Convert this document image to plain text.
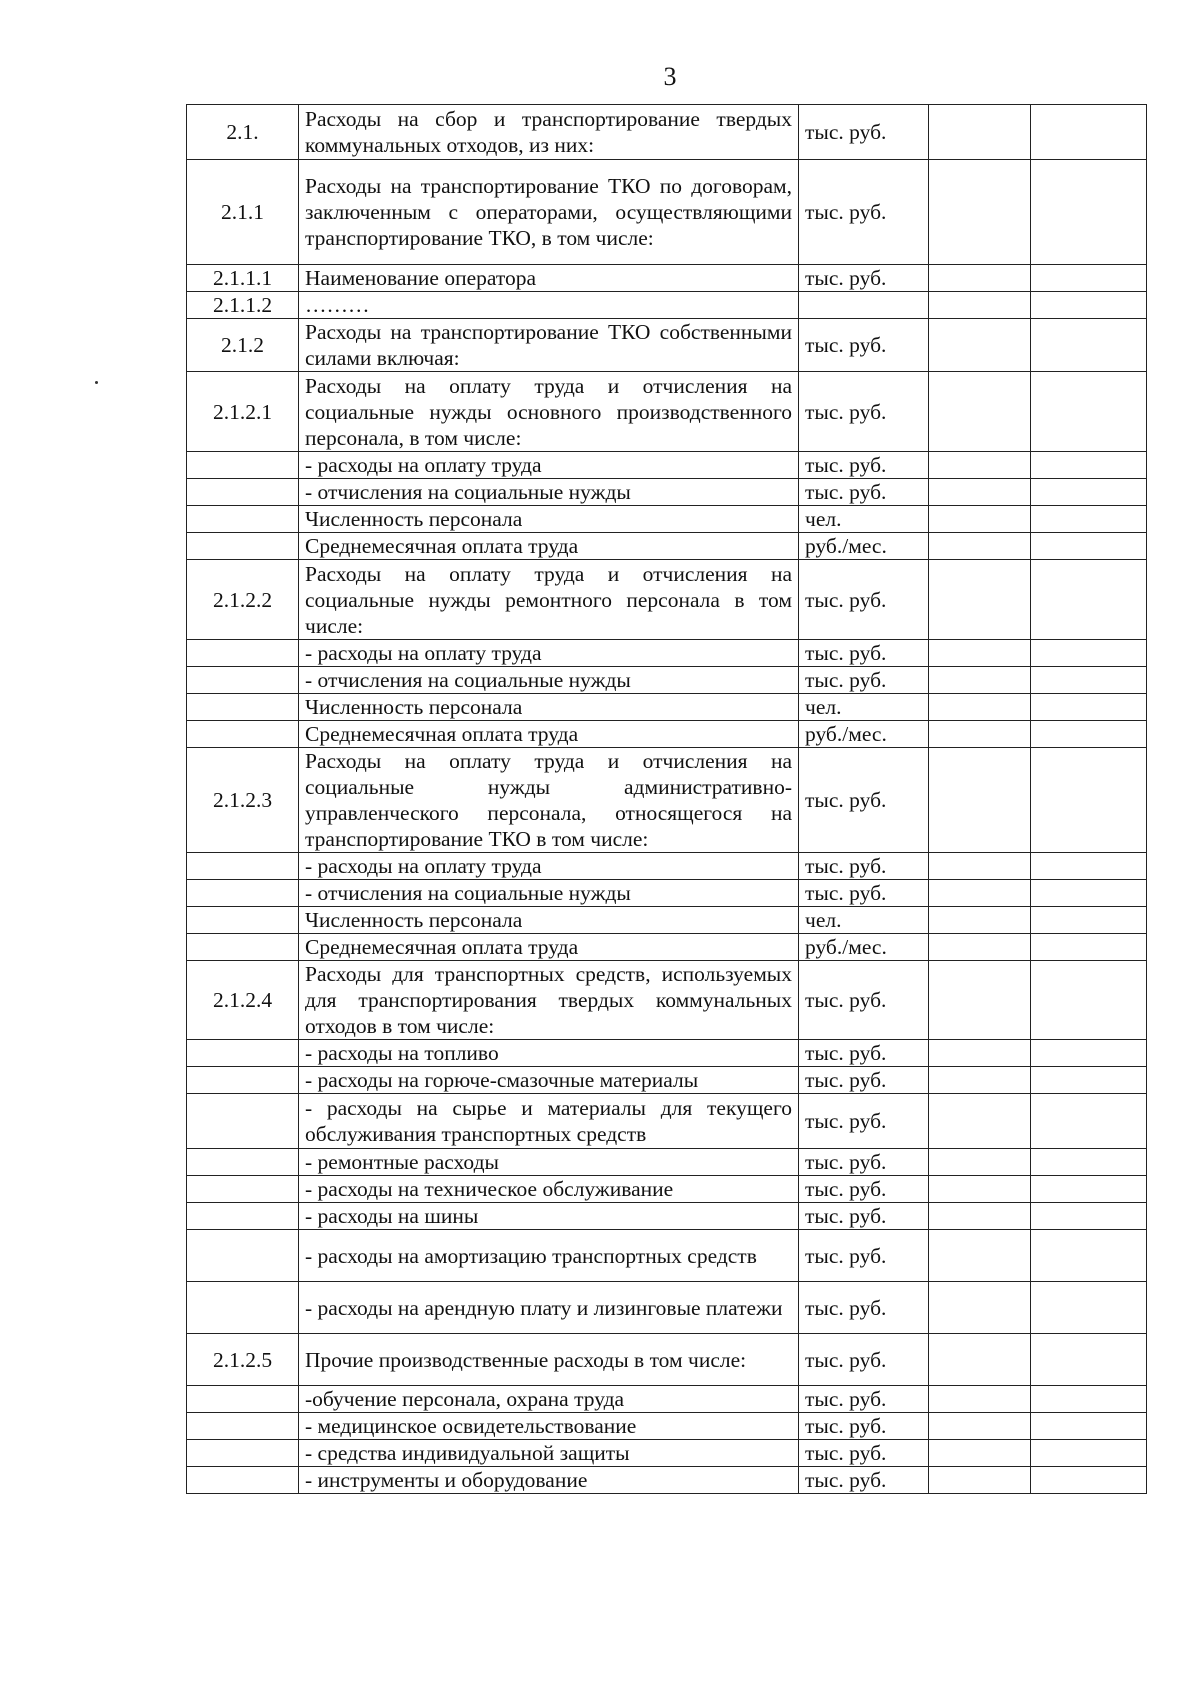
3
2.1.	Расходы на сбор и транспортирование твердых коммунальных отходов, из них:	тыс. руб.		
2.1.1	Расходы на транспортирование ТКО по договорам, заключенным с операторами, осуществляющими транспортирование ТКО, в том числе:	тыс. руб.		
2.1.1.1	Наименование оператора	тыс. руб.		
2.1.1.2	………			
2.1.2	Расходы на транспортирование ТКО собственными силами включая:	тыс. руб.		
2.1.2.1	Расходы на оплату труда и отчисления на социальные нужды основного производственного персонала, в том числе:	тыс. руб.		
	- расходы на оплату труда	тыс. руб.		
	- отчисления на социальные нужды	тыс. руб.		
	Численность персонала	чел.		
	Среднемесячная оплата труда	руб./мес.		
2.1.2.2	Расходы на оплату труда и отчисления на социальные нужды ремонтного персонала в том числе:	тыс. руб.		
	- расходы на оплату труда	тыс. руб.		
	- отчисления на социальные нужды	тыс. руб.		
	Численность персонала	чел.		
	Среднемесячная оплата труда	руб./мес.		
2.1.2.3	Расходы на оплату труда и отчисления на социальные нужды административно-управленческого персонала, относящегося на транспортирование ТКО в том числе:	тыс. руб.		
	- расходы на оплату труда	тыс. руб.		
	- отчисления на социальные нужды	тыс. руб.		
	Численность персонала	чел.		
	Среднемесячная оплата труда	руб./мес.		
2.1.2.4	Расходы для транспортных средств, используемых для транспортирования твердых коммунальных отходов в том числе:	тыс. руб.		
	- расходы на топливо	тыс. руб.		
	- расходы на горюче-смазочные материалы	тыс. руб.		
	- расходы на сырье и материалы для текущего обслуживания транспортных средств	тыс. руб.		
	- ремонтные расходы	тыс. руб.		
	- расходы на техническое обслуживание	тыс. руб.		
	- расходы на шины	тыс. руб.		
	- расходы на амортизацию транспортных средств	тыс. руб.		
	- расходы на арендную плату и лизинговые платежи	тыс. руб.		
2.1.2.5	Прочие производственные расходы в том числе:	тыс. руб.		
	-обучение персонала, охрана труда	тыс. руб.		
	- медицинское освидетельствование	тыс. руб.		
	- средства индивидуальной защиты	тыс. руб.		
	- инструменты и оборудование	тыс. руб.		
